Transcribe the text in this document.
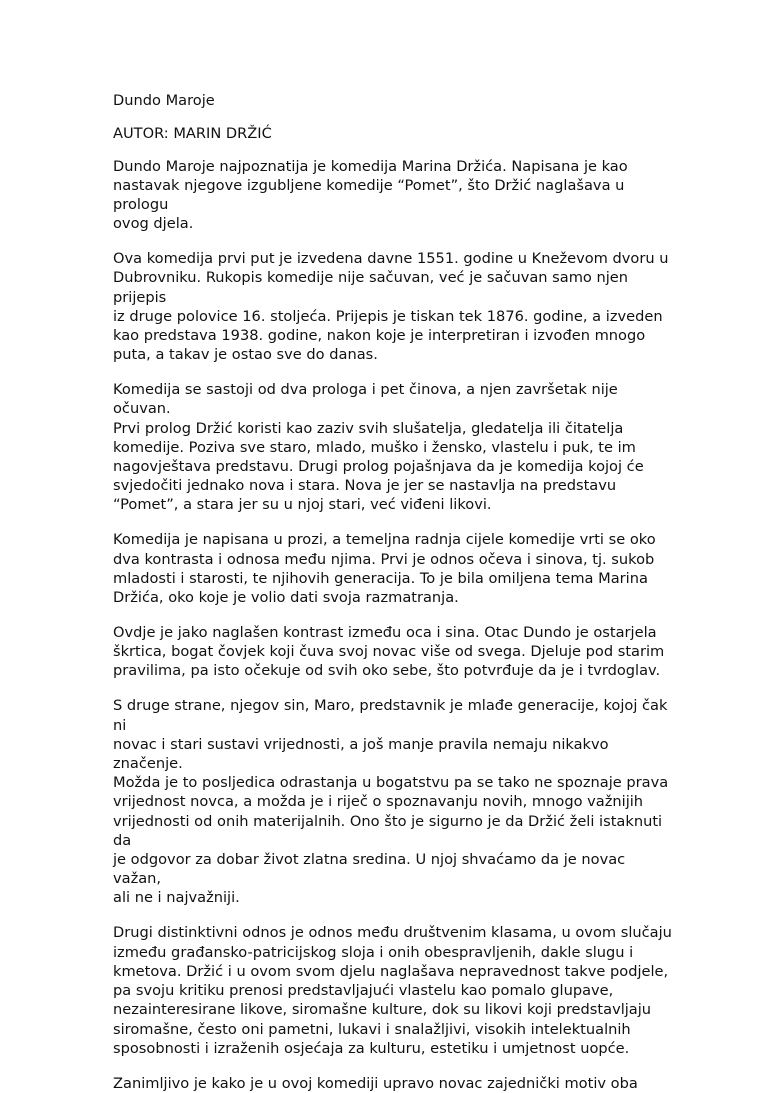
Dundo Maroje
AUTOR: MARIN DRŽIĆ
Dundo Maroje najpoznatija je komedija Marina Držića. Napisana je kao
nastavak njegove izgubljene komedije “Pomet”, što Držić naglašava u prologu
ovog djela.
Ova komedija prvi put je izvedena davne 1551. godine u Kneževom dvoru u
Dubrovniku. Rukopis komedije nije sačuvan, već je sačuvan samo njen prijepis
iz druge polovice 16. stoljeća. Prijepis je tiskan tek 1876. godine, a izveden
kao predstava 1938. godine, nakon koje je interpretiran i izvođen mnogo
puta, a takav je ostao sve do danas.
Komedija se sastoji od dva prologa i pet činova, a njen završetak nije očuvan.
Prvi prolog Držić koristi kao zaziv svih slušatelja, gledatelja ili čitatelja
komedije. Poziva sve staro, mlado, muško i žensko, vlastelu i puk, te im
nagovještava predstavu. Drugi prolog pojašnjava da je komedija kojoj će
svjedočiti jednako nova i stara. Nova je jer se nastavlja na predstavu
“Pomet”, a stara jer su u njoj stari, već viđeni likovi.
Komedija je napisana u prozi, a temeljna radnja cijele komedije vrti se oko
dva kontrasta i odnosa među njima. Prvi je odnos očeva i sinova, tj. sukob
mladosti i starosti, te njihovih generacija. To je bila omiljena tema Marina
Držića, oko koje je volio dati svoja razmatranja.
Ovdje je jako naglašen kontrast između oca i sina. Otac Dundo je ostarjela
škrtica, bogat čovjek koji čuva svoj novac više od svega. Djeluje pod starim
pravilima, pa isto očekuje od svih oko sebe, što potvrđuje da je i tvrdoglav.
S druge strane, njegov sin, Maro, predstavnik je mlađe generacije, kojoj čak ni
novac i stari sustavi vrijednosti, a još manje pravila nemaju nikakvo značenje.
Možda je to posljedica odrastanja u bogatstvu pa se tako ne spoznaje prava
vrijednost novca, a možda je i riječ o spoznavanju novih, mnogo važnijih
vrijednosti od onih materijalnih. Ono što je sigurno je da Držić želi istaknuti da
je odgovor za dobar život zlatna sredina. U njoj shvaćamo da je novac važan,
ali ne i najvažniji.
Drugi distinktivni odnos je odnos među društvenim klasama, u ovom slučaju
između građansko-patricijskog sloja i onih obespravljenih, dakle slugu i
kmetova. Držić i u ovom svom djelu naglašava nepravednost takve podjele,
pa svoju kritiku prenosi predstavljajući vlastelu kao pomalo glupave,
nezainteresirane likove, siromašne kulture, dok su likovi koji predstavljaju
siromašne, često oni pametni, lukavi i snalažljivi, visokih intelektualnih
sposobnosti i izraženih osjećaja za kulturu, estetiku i umjetnost uopće.
Zanimljivo je kako je u ovoj komediji upravo novac zajednički motiv oba
